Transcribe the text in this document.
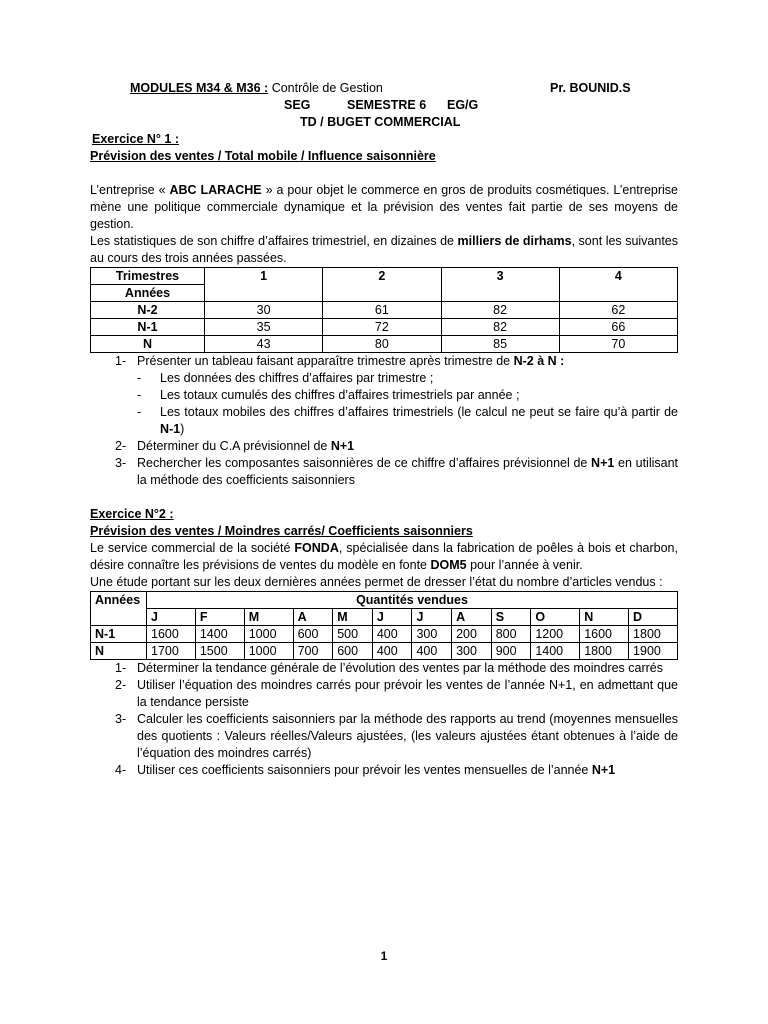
MODULES M34 & M36 : Contrôle de Gestion	Pr. BOUNID.S
SEG	SEMESTRE 6 EG/G
TD / BUGET COMMERCIAL
Exercice N° 1 :
Prévision des ventes / Total mobile / Influence saisonnière
L’entreprise « ABC LARACHE » a pour objet le commerce en gros de produits cosmétiques. L’entreprise mène une politique commerciale dynamique et la prévision des ventes fait partie de ses moyens de gestion.
Les statistiques de son chiffre d’affaires trimestriel, en dizaines de milliers de dirhams, sont les suivantes au cours des trois années passées.
Trimestres	1	2	3	4
Années				
N-2	30	61	82	62
N-1	35	72	82	66
N	43	80	85	70
1- Présenter un tableau faisant apparaître trimestre après trimestre de N-2 à N :
- Les données des chiffres d’affaires par trimestre ;
- Les totaux cumulés des chiffres d’affaires trimestriels par année ;
- Les totaux mobiles des chiffres d’affaires trimestriels (le calcul ne peut se faire qu’à partir de N-1)
2- Déterminer du C.A prévisionnel de N+1
3- Rechercher les composantes saisonnières de ce chiffre d’affaires prévisionnel de N+1 en utilisant la méthode des coefficients saisonniers
Exercice N°2 :
Prévision des ventes / Moindres carrés/ Coefficients saisonniers
Le service commercial de la société FONDA, spécialisée dans la fabrication de poêles à bois et charbon, désire connaître les prévisions de ventes du modèle en fonte DOM5 pour l’année à venir.
Une étude portant sur les deux dernières années permet de dresser l’état du nombre d’articles vendus :
Années	Quantités vendues											
	J	F	M	A	M	J	J	A	S	O	N	D
N-1	1600	1400	1000	600	500	400	300	200	800	1200	1600	1800
N	1700	1500	1000	700	600	400	400	300	900	1400	1800	1900
1- Déterminer la tendance générale de l’évolution des ventes par la méthode des moindres carrés
2- Utiliser l’équation des moindres carrés pour prévoir les ventes de l’année N+1, en admettant que la tendance persiste
3- Calculer les coefficients saisonniers par la méthode des rapports au trend (moyennes mensuelles des quotients : Valeurs réelles/Valeurs ajustées, (les valeurs ajustées étant obtenues à l’aide de l’équation des moindres carrés)
4- Utiliser ces coefficients saisonniers pour prévoir les ventes mensuelles de l’année N+1
1
